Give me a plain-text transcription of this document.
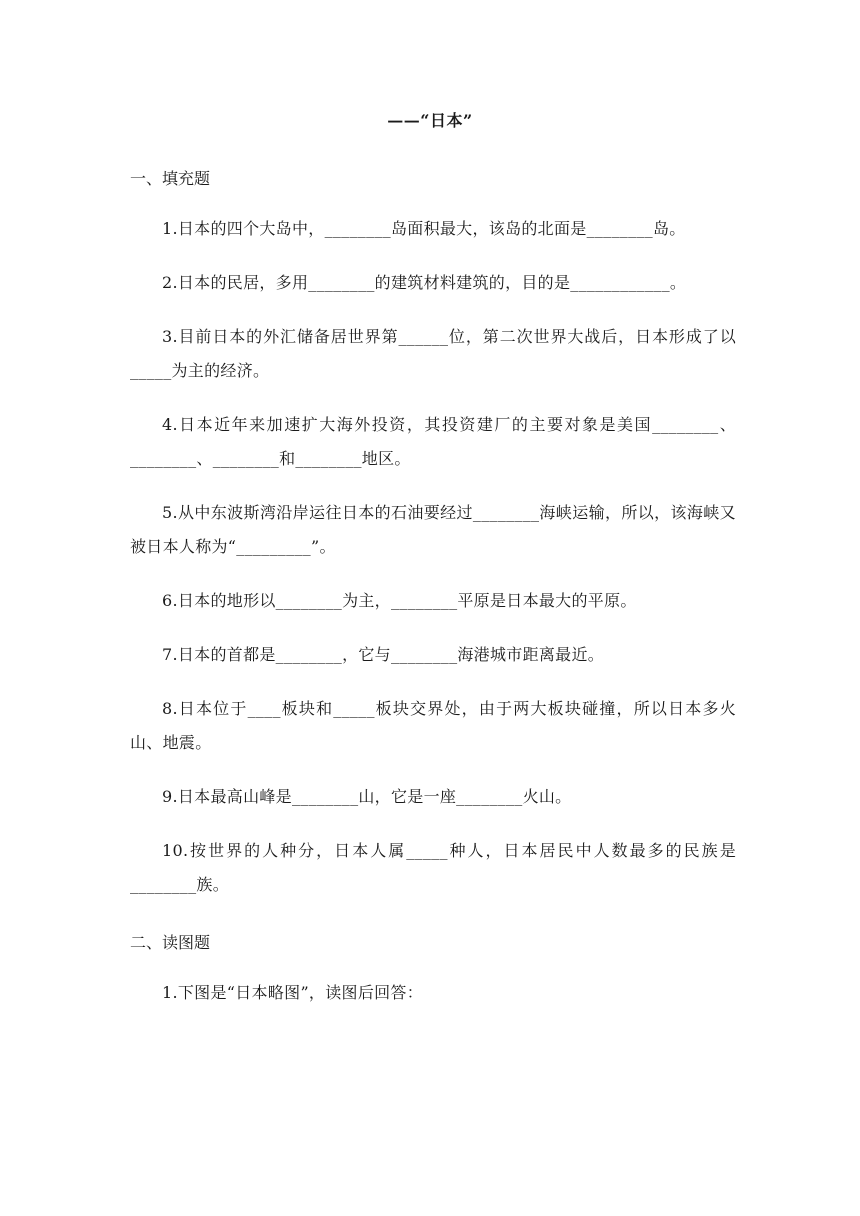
——“日本”
一、填充题
1.日本的四个大岛中，________岛面积最大，该岛的北面是________岛。
2.日本的民居，多用________的建筑材料建筑的，目的是____________。
3.目前日本的外汇储备居世界第______位，第二次世界大战后，日本形成了以_____为主的经济。
4.日本近年来加速扩大海外投资，其投资建厂的主要对象是美国________、________、________和________地区。
5.从中东波斯湾沿岸运往日本的石油要经过________海峡运输，所以，该海峡又被日本人称为“_________”。
6.日本的地形以________为主，________平原是日本最大的平原。
7.日本的首都是________，它与________海港城市距离最近。
8.日本位于____板块和_____板块交界处，由于两大板块碰撞，所以日本多火山、地震。
9.日本最高山峰是________山，它是一座________火山。
10.按世界的人种分，日本人属_____种人，日本居民中人数最多的民族是________族。
二、读图题
1.下图是“日本略图”，读图后回答：
